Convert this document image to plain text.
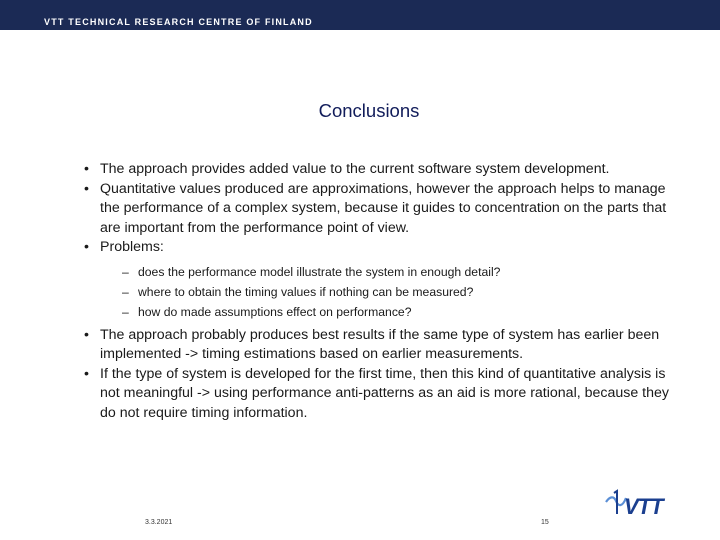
VTT TECHNICAL RESEARCH CENTRE OF FINLAND
Conclusions
• The approach provides added value to the current software system development.
• Quantitative values produced are approximations, however the approach helps to manage the performance of a complex system, because it guides to concentration on the parts that are important from the performance point of view.
• Problems:
– does the performance model illustrate the system in enough detail?
– where to obtain the timing values if nothing can be measured?
– how do made assumptions effect on performance?
• The approach probably produces best results if the same type of system has earlier been implemented -> timing estimations based on earlier measurements.
• If the type of system is developed for the first time, then this kind of quantitative analysis is not meaningful -> using performance anti-patterns as an aid is more rational, because they do not require timing information.
3.3.2021	15
VTT
